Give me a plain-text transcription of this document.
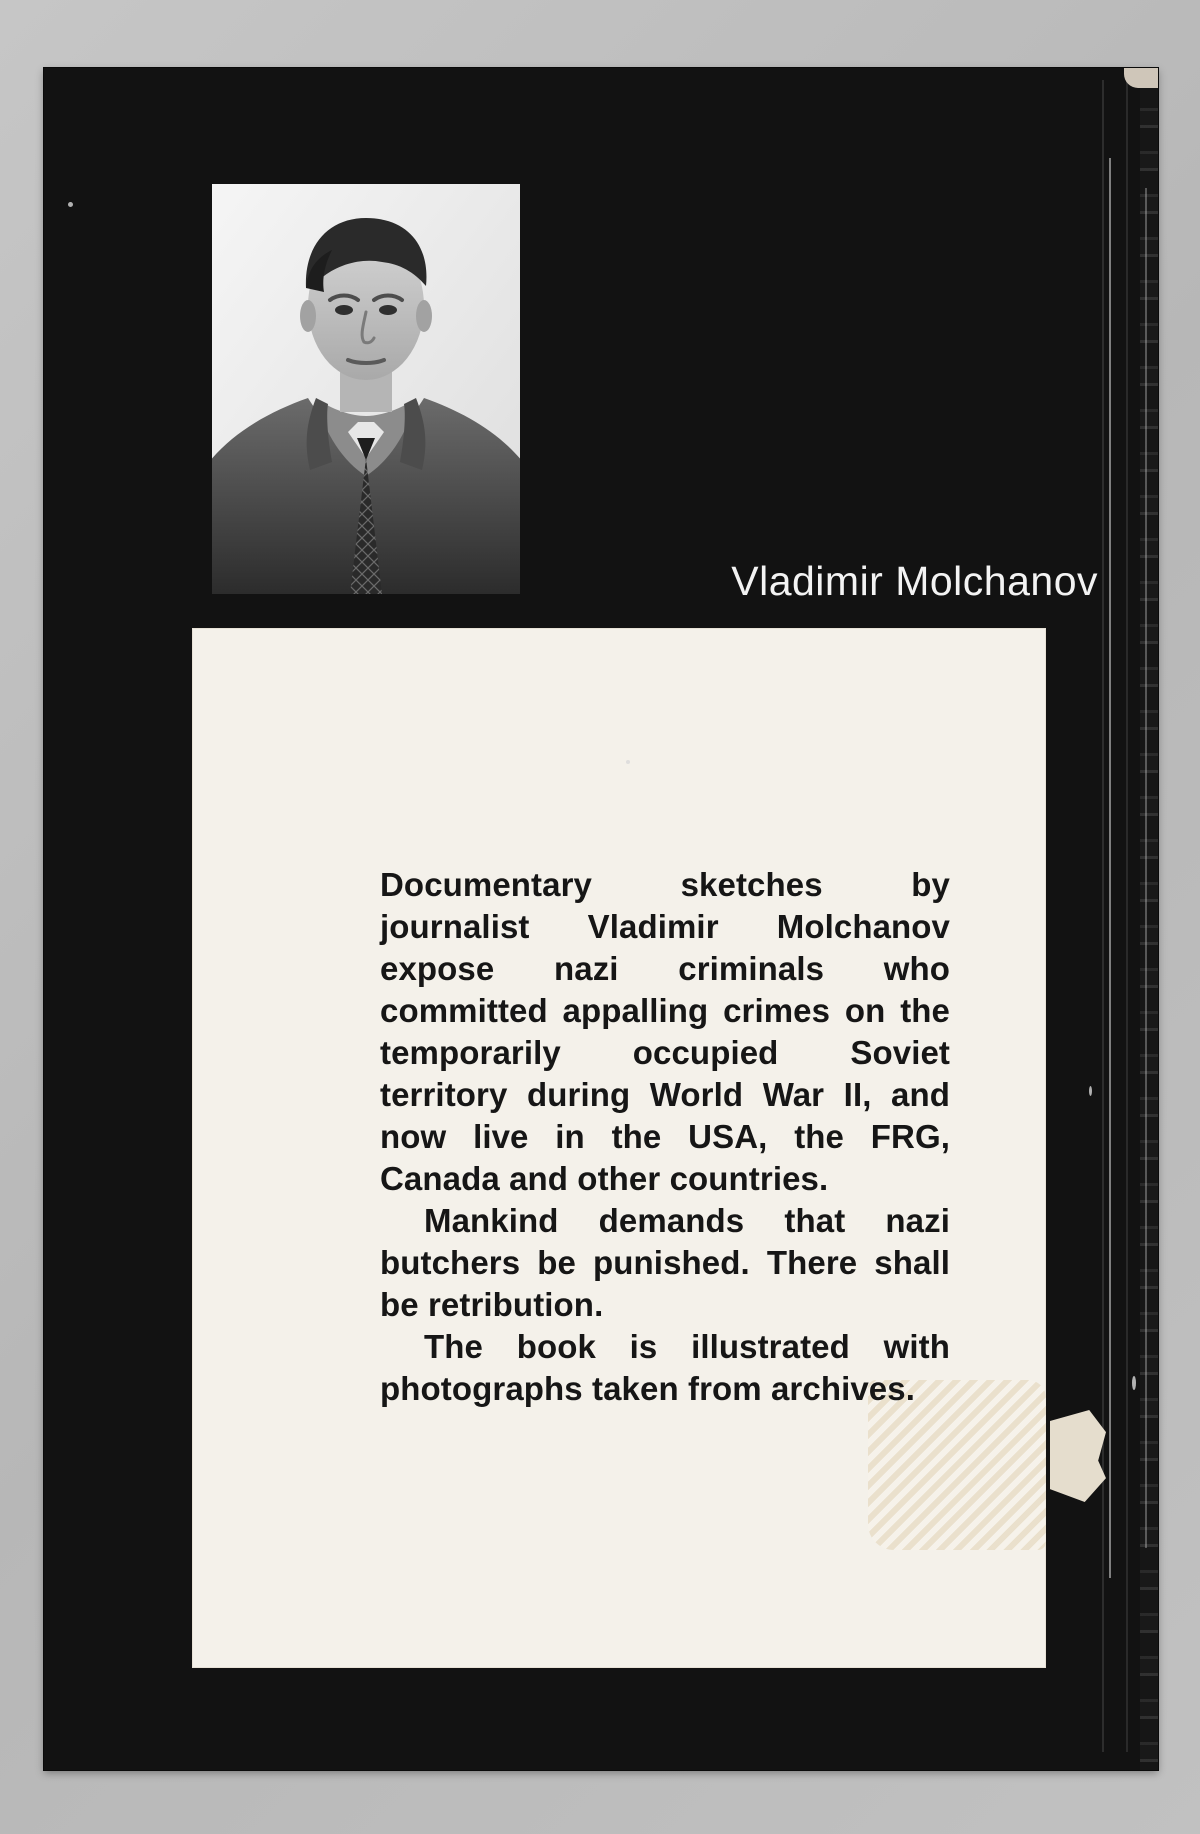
Vladimir Molchanov

Documentary sketches by journalist Vladimir Molchanov expose nazi criminals who committed appalling crimes on the temporarily occupied Soviet territory during World War II, and now live in the USA, the FRG, Canada and other countries.

Mankind demands that nazi butchers be punished. There shall be retribution.

The book is illustrated with photographs taken from archives.
